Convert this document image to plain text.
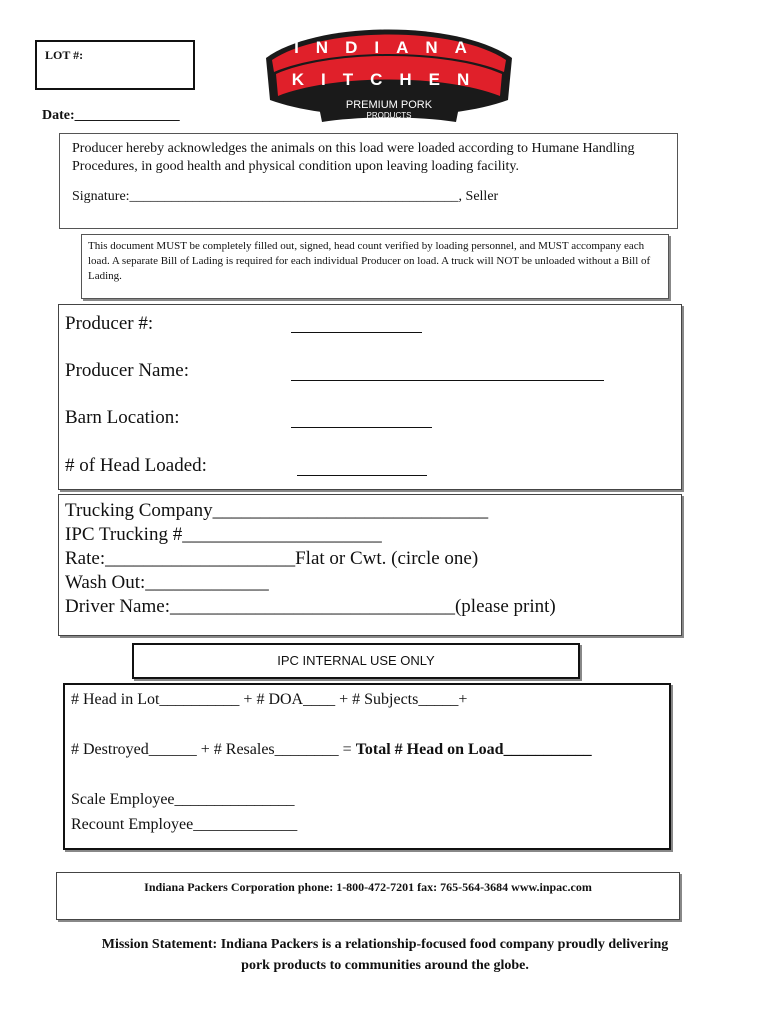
LOT #:
Date:_______________
INDIANA
KITCHEN
PREMIUM PORK
PRODUCTS
Producer hereby acknowledges the animals on this load were loaded according to Humane Handling Procedures, in good health and physical condition upon leaving loading facility.
Signature:_______________________________________________, Seller
This document MUST be completely filled out, signed, head count verified by loading personnel, and MUST accompany each load. A separate Bill of Lading is required for each individual Producer on load. A truck will NOT be unloaded without a Bill of Lading.
Producer #:
Producer Name:
Barn Location:
# of Head Loaded:
Trucking Company_____________________________
IPC Trucking #_____________________
Rate:____________________Flat or Cwt. (circle one)
Wash Out:_____________
Driver Name:______________________________(please print)
IPC INTERNAL USE ONLY
# Head in Lot__________ + # DOA____ + # Subjects_____+
# Destroyed______ + # Resales________ = Total # Head on Load___________
Scale Employee_______________
Recount Employee_____________
Indiana Packers Corporation phone: 1-800-472-7201 fax: 765-564-3684 www.inpac.com
Mission Statement: Indiana Packers is a relationship-focused food company proudly delivering
pork products to communities around the globe.
